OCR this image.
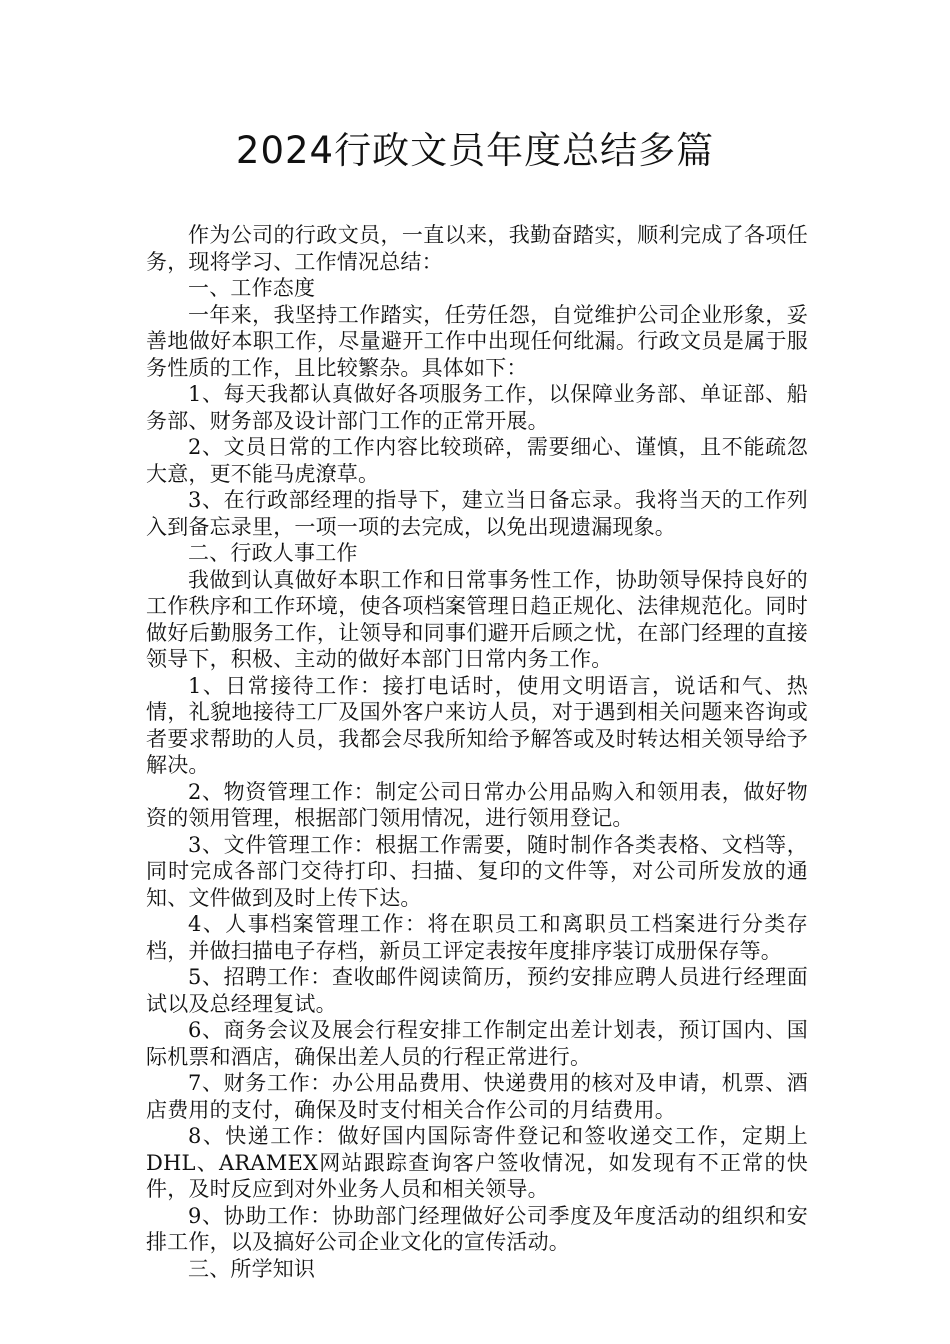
2024行政文员年度总结多篇

作为公司的行政文员，一直以来，我勤奋踏实，顺利完成了各项任务，现将学习、工作情况总结：

一、工作态度

一年来，我坚持工作踏实，任劳任怨，自觉维护公司企业形象，妥善地做好本职工作，尽量避开工作中出现任何纰漏。行政文员是属于服务性质的工作，且比较繁杂。具体如下：

1、每天我都认真做好各项服务工作，以保障业务部、单证部、船务部、财务部及设计部门工作的正常开展。

2、文员日常的工作内容比较琐碎，需要细心、谨慎，且不能疏忽大意，更不能马虎潦草。

3、在行政部经理的指导下，建立当日备忘录。我将当天的工作列入到备忘录里，一项一项的去完成，以免出现遗漏现象。

二、行政人事工作

我做到认真做好本职工作和日常事务性工作，协助领导保持良好的工作秩序和工作环境，使各项档案管理日趋正规化、法律规范化。同时做好后勤服务工作，让领导和同事们避开后顾之忧，在部门经理的直接领导下，积极、主动的做好本部门日常内务工作。

1、日常接待工作：接打电话时，使用文明语言，说话和气、热情，礼貌地接待工厂及国外客户来访人员，对于遇到相关问题来咨询或者要求帮助的人员，我都会尽我所知给予解答或及时转达相关领导给予解决。

2、物资管理工作：制定公司日常办公用品购入和领用表，做好物资的领用管理，根据部门领用情况，进行领用登记。

3、文件管理工作：根据工作需要，随时制作各类表格、文档等，同时完成各部门交待打印、扫描、复印的文件等，对公司所发放的通知、文件做到及时上传下达。

4、人事档案管理工作：将在职员工和离职员工档案进行分类存档，并做扫描电子存档，新员工评定表按年度排序装订成册保存等。

5、招聘工作：查收邮件阅读简历，预约安排应聘人员进行经理面试以及总经理复试。

6、商务会议及展会行程安排工作制定出差计划表，预订国内、国际机票和酒店，确保出差人员的行程正常进行。

7、财务工作：办公用品费用、快递费用的核对及申请，机票、酒店费用的支付，确保及时支付相关合作公司的月结费用。

8、快递工作：做好国内国际寄件登记和签收递交工作，定期上DHL、ARAMEX网站跟踪查询客户签收情况，如发现有不正常的快件，及时反应到对外业务人员和相关领导。

9、协助工作：协助部门经理做好公司季度及年度活动的组织和安排工作，以及搞好公司企业文化的宣传活动。

三、所学知识
